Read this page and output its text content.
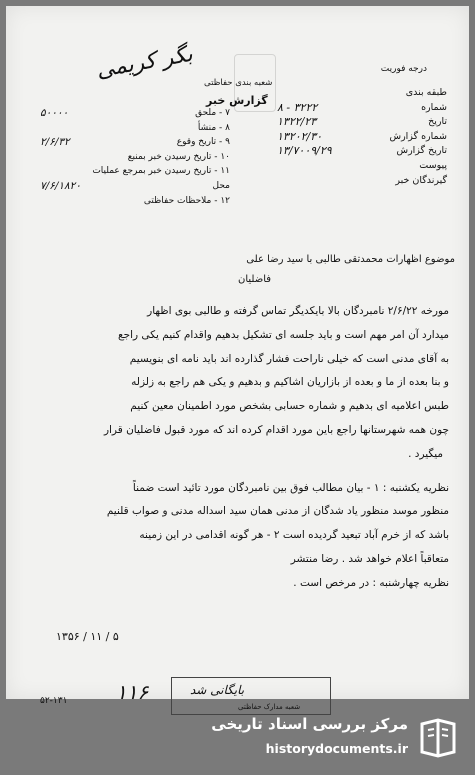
درجه فوریت
بگر کریمی شعبه بندی حفاظتی
گزارش خبر
طبقه بندی
شماره
۳۲۲۲ - ۸
تاریخ
۱۳۲۲/۲۳
شماره گزارش
۱۳۲۰۲/۳۰
تاریخ گزارش
۱۳/۷۰۰۹/۲۹
پیوست
گیرندگان خبر
۷ - ملحق
۵۰۰۰۰
۸ - منشأ
۹ - تاریخ وقوع
۲/۶/۳۲
۱۰ - تاریخ رسیدن خبر بمنبع
۱۱ - تاریخ رسیدن خبر بمرجع عملیات
محل
۷/۶/۱۸۲۰
۱۲ - ملاحظات حفاظتی
موضوع اظهارات محمدتقی طالبی با سید رضا علی
فاضلیان

مورخه ۲/۶/۲۲ نامبردگان بالا بایکدیگر تماس گرفته و طالبی بوی اظهار

میدارد آن امر مهم است و باید جلسه ای تشکیل بدهیم واقدام کنیم یکی راجع

به آقای مدنی است که خیلی ناراحت فشار گذارده اند باید نامه ای بنویسیم

و بنا بعده از ما و بعده از بازاریان اشاکیم و بدهیم و یکی هم راجع به زلزله

طبس اعلامیه ای بدهیم و شماره حسابی بشخص مورد اطمینان معین کنیم

چون همه شهرستانها راجع باین مورد اقدام کرده اند که مورد قبول فاضلیان قرار

میگیرد .

نظریه یکشنبه : ۱ - بیان مطالب فوق بین نامبردگان مورد تائید است ضمناً

منظور موسد منظور یاد شدگان از مدنی همان سید اسداله مدنی و صواب قلنیم

باشد که از خرم آباد تبعید گردیده است ۲ - هر گونه اقدامی در این زمینه

متعاقباً اعلام خواهد شد . رضا منتشر

نظریه چهارشنبه : در مرخص است .

۱۳۵۶ / ۱۱ / ۵
۱۱۶	بایگانی شد
شعبه مدارک حفاظتی
۵۲-۱۳۱
مرکز بررسی اسناد تاریخی
historydocuments.ir
